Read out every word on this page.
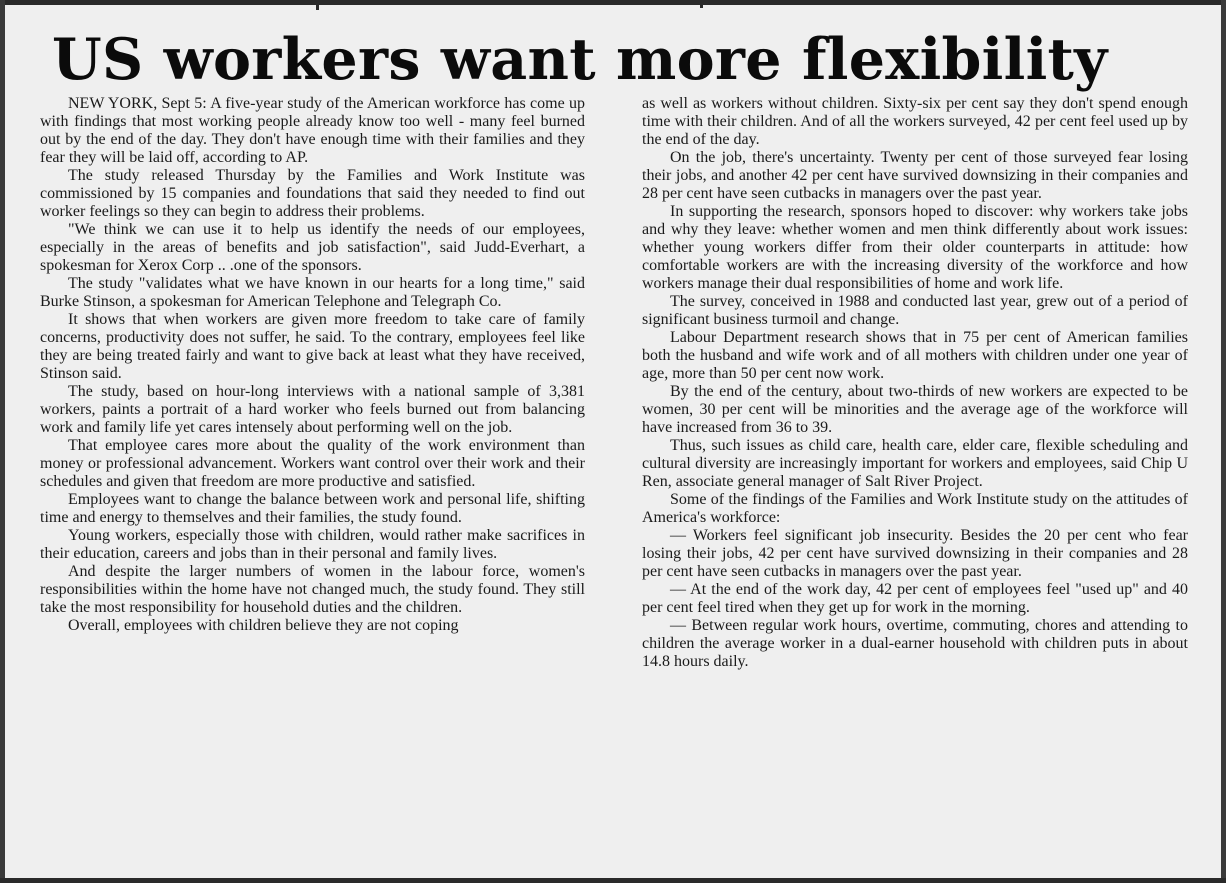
US workers want more flexibility

NEW YORK, Sept 5: A five-year study of the American workforce has come up with findings that most working people already know too well - many feel burned out by the end of the day. They don't have enough time with their families and they fear they will be laid off, according to AP.

The study released Thursday by the Families and Work Institute was commissioned by 15 companies and foundations that said they needed to find out worker feelings so they can begin to address their problems.

"We think we can use it to help us identify the needs of our employees, especially in the areas of benefits and job satisfaction", said Judd-Everhart, a spokesman for Xerox Corp .. .one of the sponsors.

The study "validates what we have known in our hearts for a long time," said Burke Stinson, a spokesman for American Telephone and Telegraph Co.

It shows that when workers are given more freedom to take care of family concerns, productivity does not suffer, he said. To the contrary, employees feel like they are being treated fairly and want to give back at least what they have received, Stinson said.

The study, based on hour-long interviews with a national sample of 3,381 workers, paints a portrait of a hard worker who feels burned out from balancing work and family life yet cares intensely about performing well on the job.

That employee cares more about the quality of the work environment than money or professional advancement. Workers want control over their work and their schedules and given that freedom are more productive and satisfied.

Employees want to change the balance between work and personal life, shifting time and energy to themselves and their families, the study found.

Young workers, especially those with children, would rather make sacrifices in their education, careers and jobs than in their personal and family lives.

And despite the larger numbers of women in the labour force, women's responsibilities within the home have not changed much, the study found. They still take the most responsibility for household duties and the children.

Overall, employees with children believe they are not coping

as well as workers without children. Sixty-six per cent say they don't spend enough time with their children. And of all the workers surveyed, 42 per cent feel used up by the end of the day.

On the job, there's uncertainty. Twenty per cent of those surveyed fear losing their jobs, and another 42 per cent have survived downsizing in their companies and 28 per cent have seen cutbacks in managers over the past year.

In supporting the research, sponsors hoped to discover: why workers take jobs and why they leave: whether women and men think differently about work issues: whether young workers differ from their older counterparts in attitude: how comfortable workers are with the increasing diversity of the workforce and how workers manage their dual responsibilities of home and work life.

The survey, conceived in 1988 and conducted last year, grew out of a period of significant business turmoil and change.

Labour Department research shows that in 75 per cent of American families both the husband and wife work and of all mothers with children under one year of age, more than 50 per cent now work.

By the end of the century, about two-thirds of new workers are expected to be women, 30 per cent will be minorities and the average age of the workforce will have increased from 36 to 39.

Thus, such issues as child care, health care, elder care, flexible scheduling and cultural diversity are increasingly important for workers and employees, said Chip U Ren, associate general manager of Salt River Project.

Some of the findings of the Families and Work Institute study on the attitudes of America's workforce:

— Workers feel significant job insecurity. Besides the 20 per cent who fear losing their jobs, 42 per cent have survived downsizing in their companies and 28 per cent have seen cutbacks in managers over the past year.

— At the end of the work day, 42 per cent of employees feel "used up" and 40 per cent feel tired when they get up for work in the morning.

— Between regular work hours, overtime, commuting, chores and attending to children the average worker in a dual-earner household with children puts in about 14.8 hours daily.
